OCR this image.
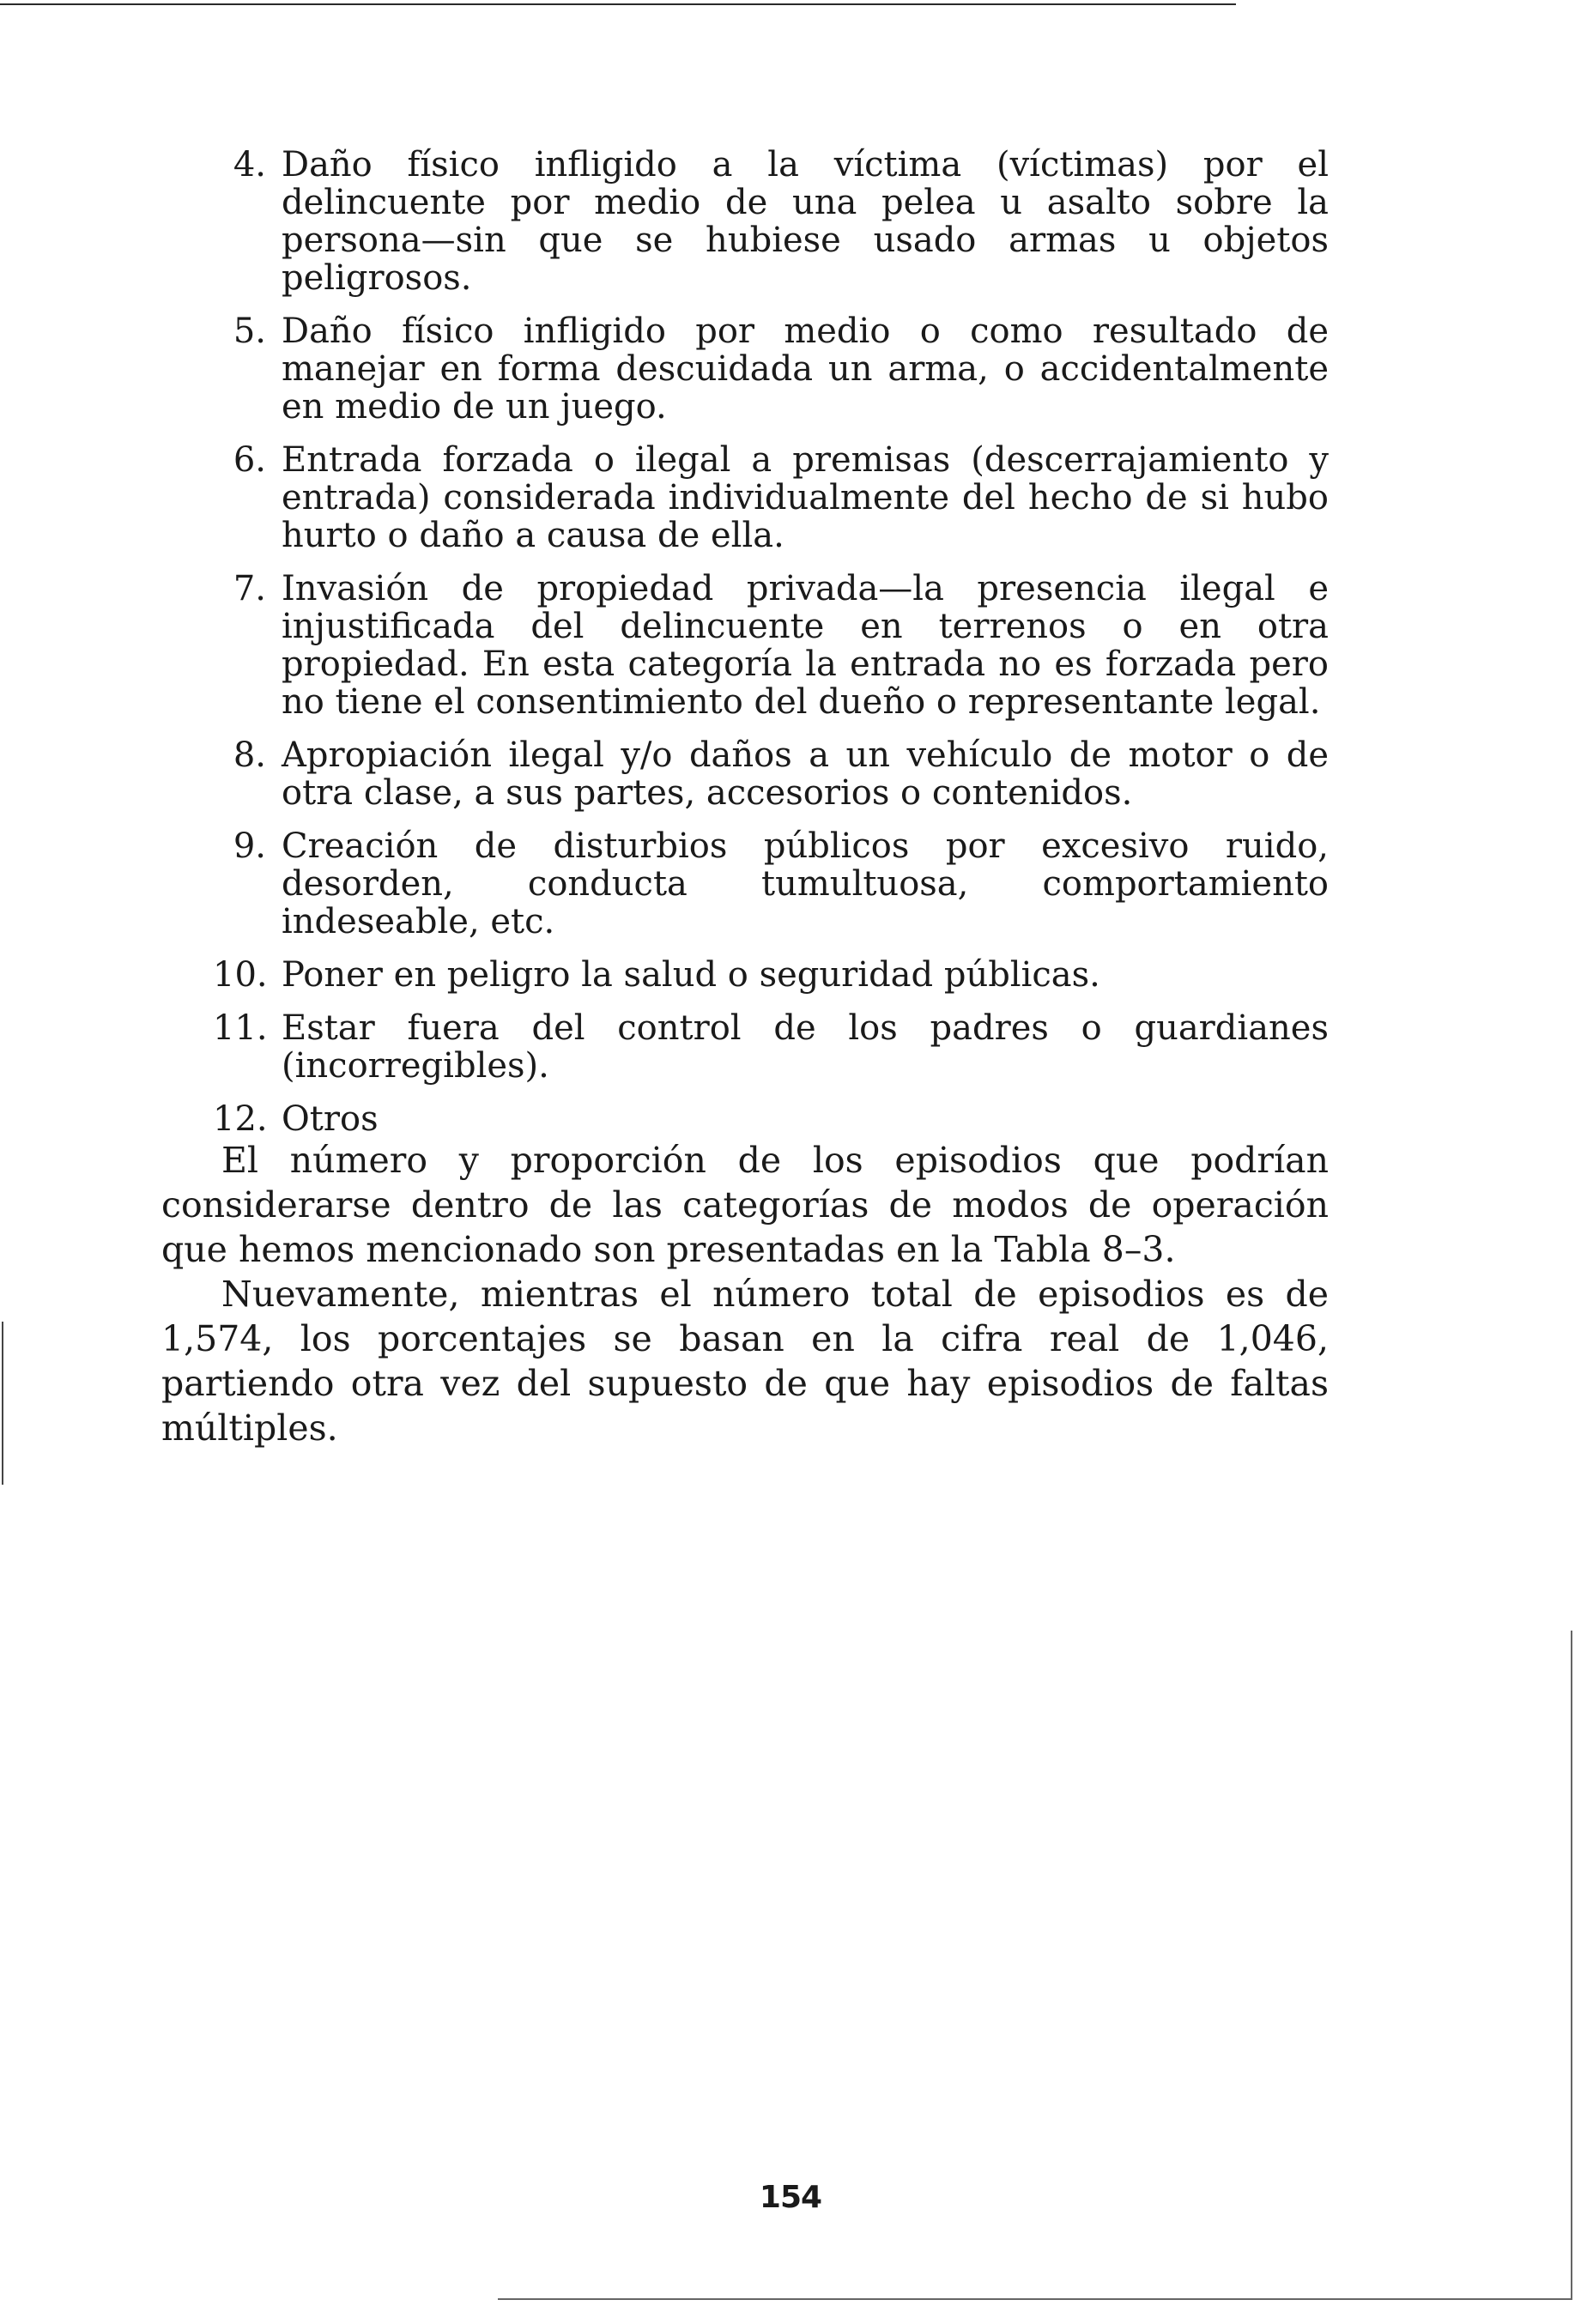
4. Daño físico infligido a la víctima (víctimas) por el delincuente por medio de una pelea u asalto sobre la persona—sin que se hubiese usado armas u objetos peligrosos.
5. Daño físico infligido por medio o como resultado de manejar en forma descuidada un arma, o accidentalmente en medio de un juego.
6. Entrada forzada o ilegal a premisas (descerrajamiento y entrada) considerada individualmente del hecho de si hubo hurto o daño a causa de ella.
7. Invasión de propiedad privada—la presencia ilegal e injustificada del delincuente en terrenos o en otra propiedad. En esta categoría la entrada no es forzada pero no tiene el consentimiento del dueño o representante legal.
8. Apropiación ilegal y/o daños a un vehículo de motor o de otra clase, a sus partes, accesorios o contenidos.
9. Creación de disturbios públicos por excesivo ruido, desorden, conducta tumultuosa, comportamiento indeseable, etc.
10. Poner en peligro la salud o seguridad públicas.
11. Estar fuera del control de los padres o guardianes (incorregibles).
12. Otros

El número y proporción de los episodios que podrían considerarse dentro de las categorías de modos de operación que hemos mencionado son presentadas en la Tabla 8–3.

Nuevamente, mientras el número total de episodios es de 1,574, los porcentajes se basan en la cifra real de 1,046, partiendo otra vez del supuesto de que hay episodios de faltas múltiples.

154
